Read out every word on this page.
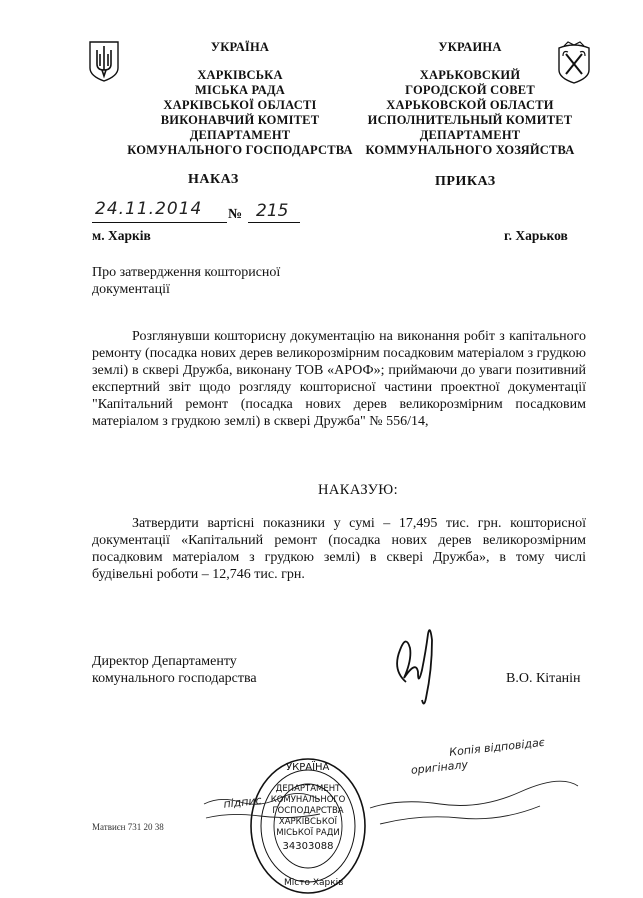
УКРАЇНА
ХАРКІВСЬКА
МІСЬКА РАДА
ХАРКІВСЬКОЇ ОБЛАСТІ
ВИКОНАВЧИЙ КОМІТЕТ
ДЕПАРТАМЕНТ
КОМУНАЛЬНОГО ГОСПОДАРСТВА
УКРАИНА
ХАРЬКОВСКИЙ
ГОРОДСКОЙ СОВЕТ
ХАРЬКОВСКОЙ ОБЛАСТИ
ИСПОЛНИТЕЛЬНЫЙ КОМИТЕТ
ДЕПАРТАМЕНТ
КОММУНАЛЬНОГО ХОЗЯЙСТВА
НАКАЗ	ПРИКАЗ
24.11.2014 № 215
м. Харків	г. Харьков
Про затвердження кошторисної
документації
Розглянувши кошторисну документацію на виконання робіт з капітального ремонту (посадка нових дерев великорозмірним посадковим матеріалом з грудкою землі) в сквері Дружба, виконану ТОВ «АРОФ»; приймаючи до уваги позитивний експертний звіт щодо розгляду кошторисної частини проектної документації "Капітальний ремонт (посадка нових дерев великорозмірним посадковим матеріалом з грудкою землі) в сквері Дружба" № 556/14,
НАКАЗУЮ:
Затвердити вартісні показники у сумі – 17,495 тис. грн. кошторисної документації «Капітальний ремонт (посадка нових дерев великорозмірним посадковим матеріалом з грудкою землі) в сквері Дружба», в тому числі будівельні роботи – 12,746 тис. грн.
Директор Департаменту
комунального господарства	В.О. Кітанін
УКРАЇНА
ДЕПАРТАМЕНТ
КОМУНАЛЬНОГО
ГОСПОДАРСТВА
ХАРКІВСЬКОЇ
МІСЬКОЇ РАДИ
34303088
Місто Харків
Копія відповідає
оригіналу
підпис
Матвиєн 731 20 38
